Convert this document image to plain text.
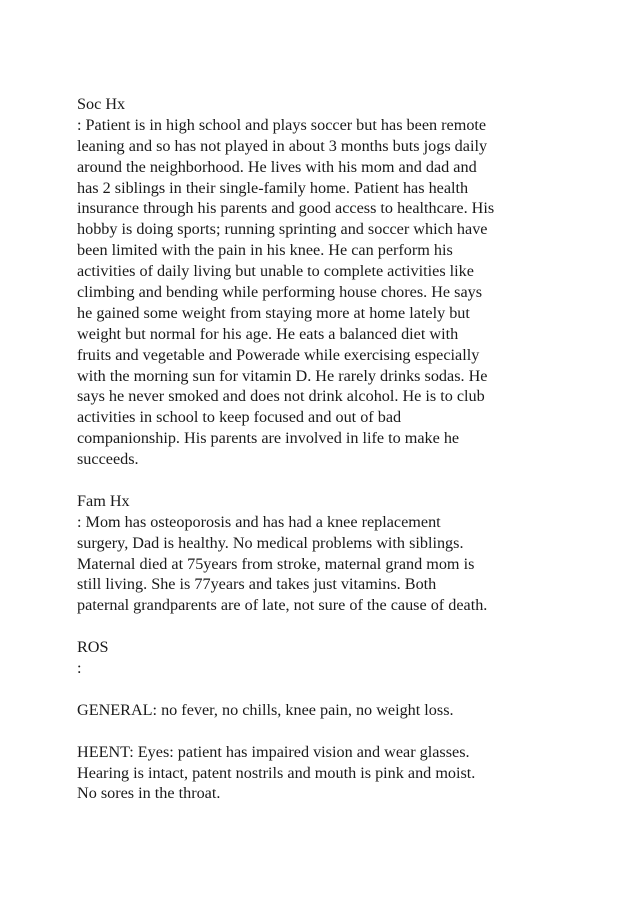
Soc Hx
: Patient is in high school and plays soccer but has been remote
leaning and so has not played in about 3 months buts jogs daily
around the neighborhood. He lives with his mom and dad and
has 2 siblings in their single-family home. Patient has health
insurance through his parents and good access to healthcare. His
hobby is doing sports; running sprinting and soccer which have
been limited with the pain in his knee. He can perform his
activities of daily living but unable to complete activities like
climbing and bending while performing house chores. He says
he gained some weight from staying more at home lately but
weight but normal for his age. He eats a balanced diet with
fruits and vegetable and Powerade while exercising especially
with the morning sun for vitamin D. He rarely drinks sodas. He
says he never smoked and does not drink alcohol. He is to club
activities in school to keep focused and out of bad
companionship. His parents are involved in life to make he
succeeds.
Fam Hx
: Mom has osteoporosis and has had a knee replacement
surgery, Dad is healthy. No medical problems with siblings.
Maternal died at 75years from stroke, maternal grand mom is
still living. She is 77years and takes just vitamins. Both
paternal grandparents are of late, not sure of the cause of death.
ROS
:
GENERAL: no fever, no chills, knee pain, no weight loss.
HEENT: Eyes: patient has impaired vision and wear glasses.
Hearing is intact, patent nostrils and mouth is pink and moist.
No sores in the throat.
